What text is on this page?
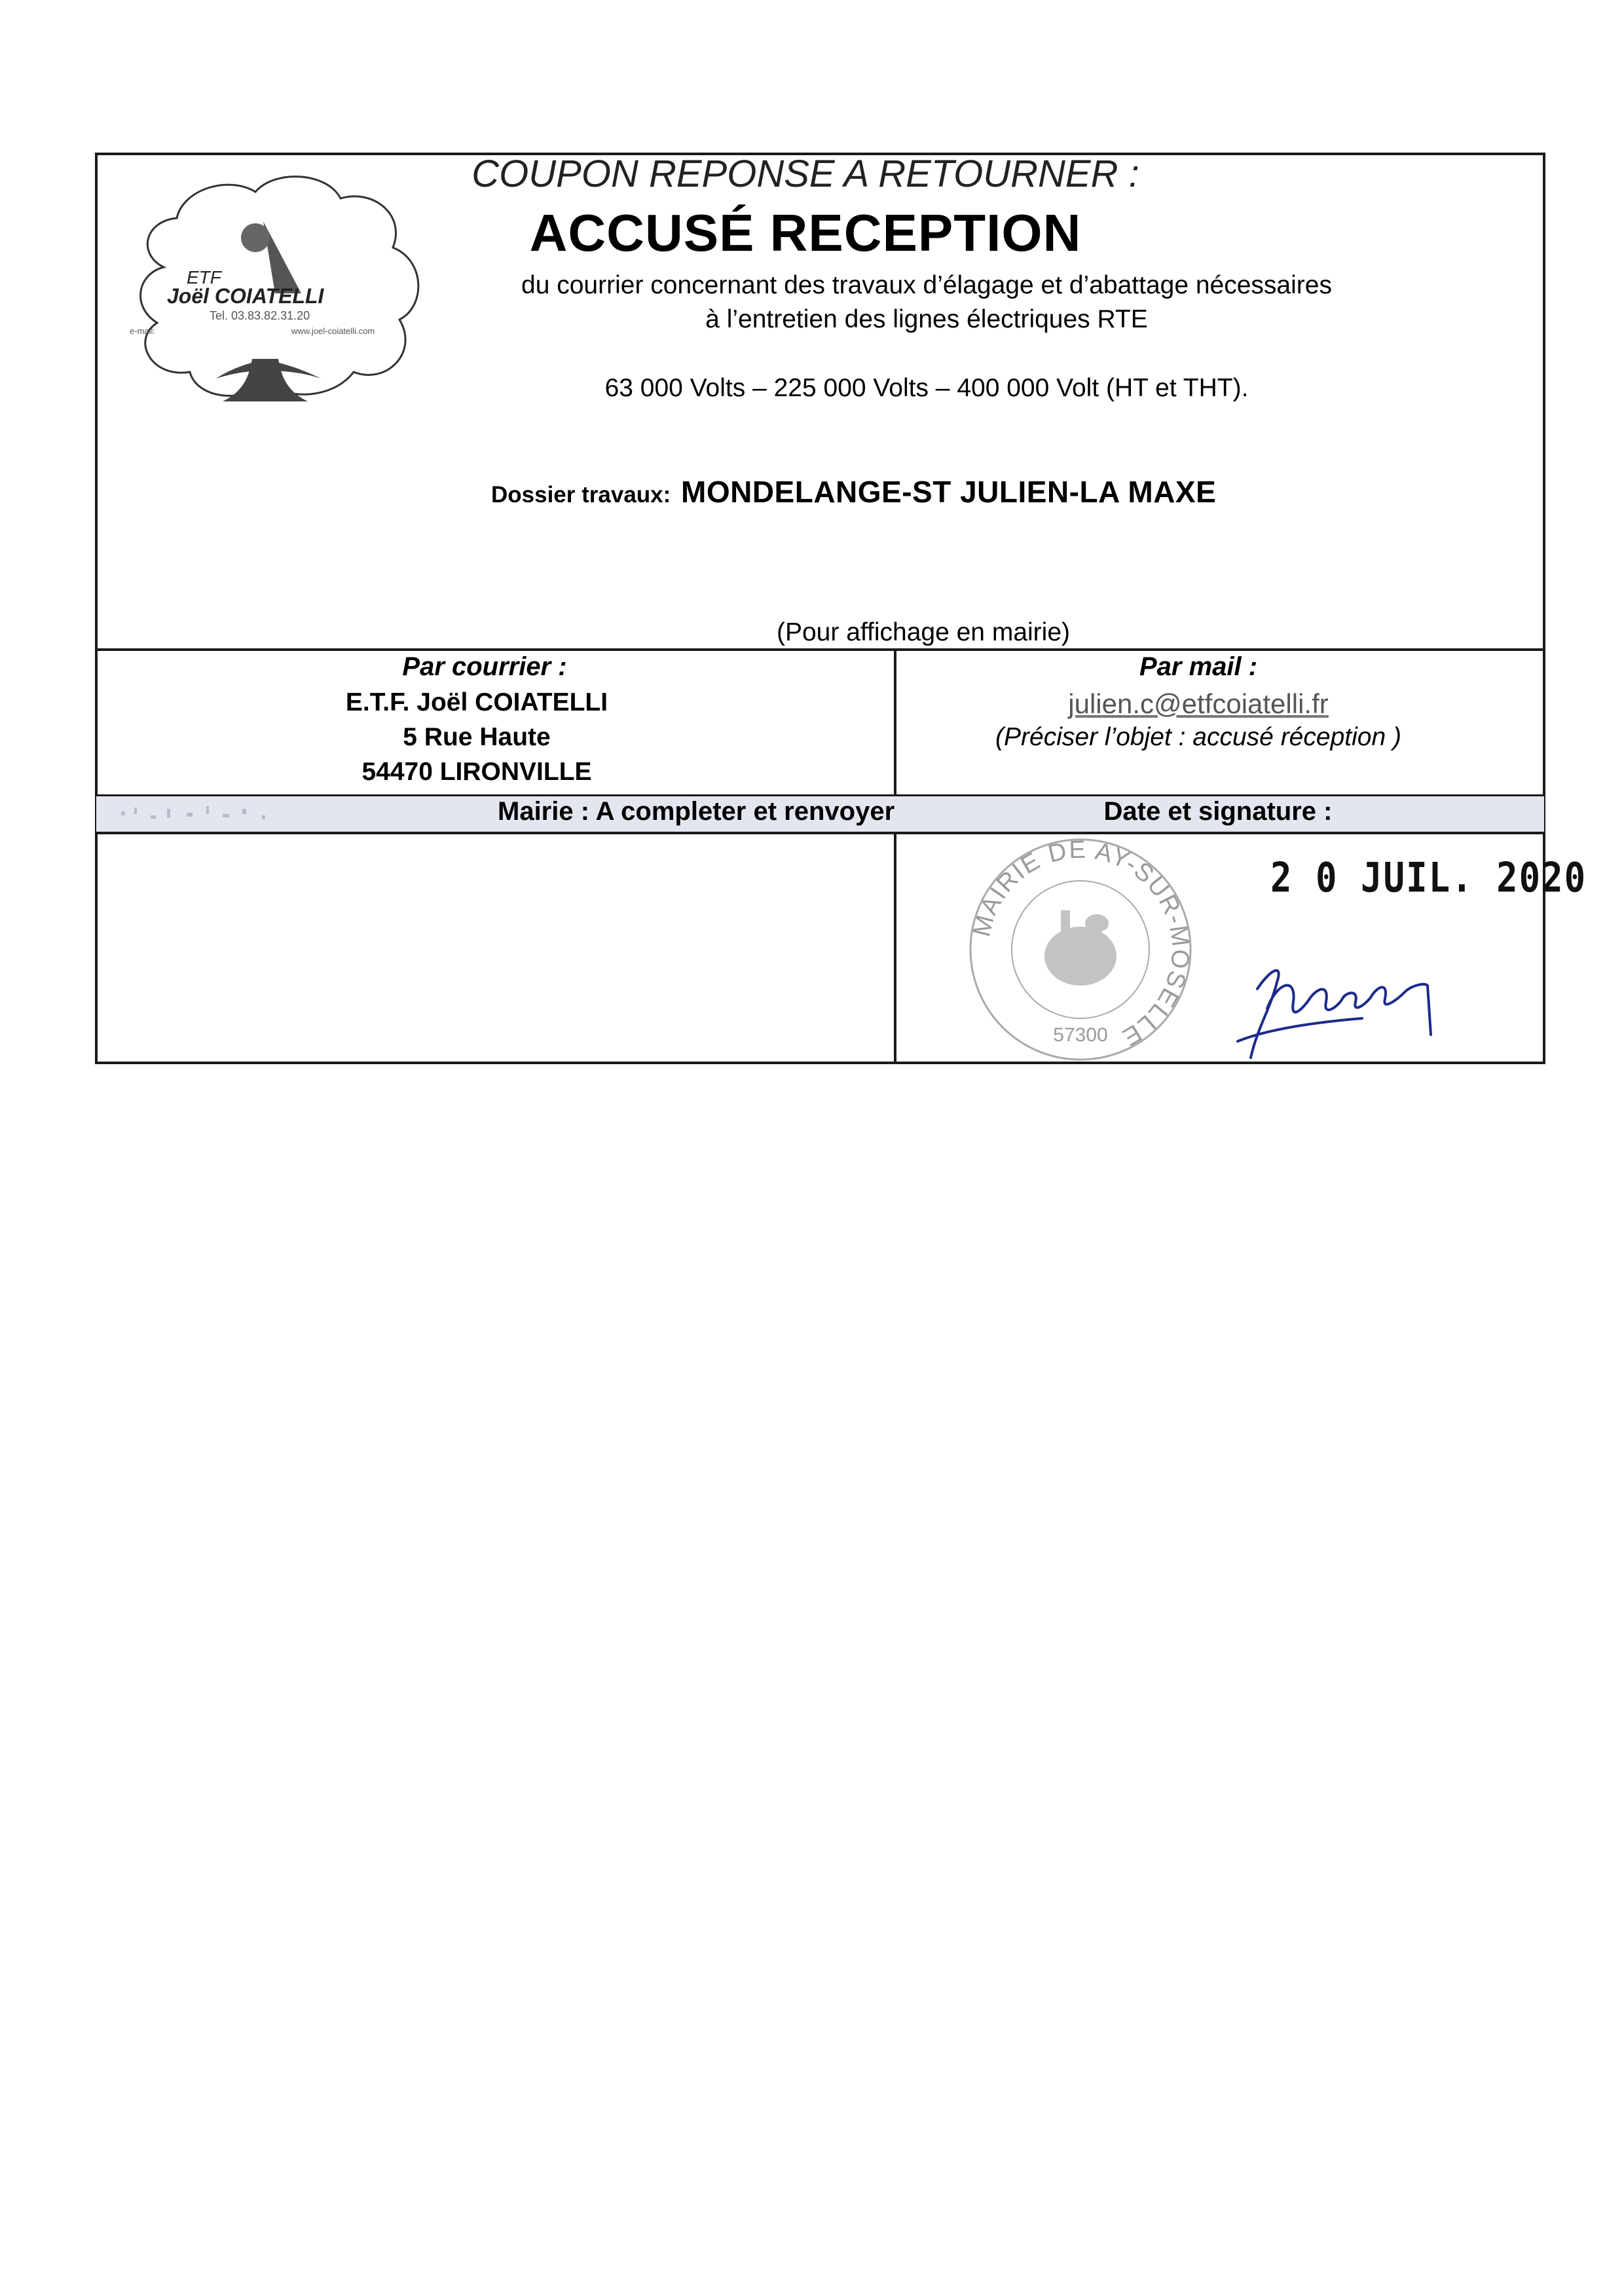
ETF
Joël COIATELLI
Tel. 03.83.82.31.20
e-mail:	www.joel-coiatelli.com
COUPON REPONSE A RETOURNER :
ACCUSÉ RECEPTION
du courrier concernant des travaux d’élagage et d’abattage nécessaires
à l’entretien des lignes électriques RTE
63 000 Volts – 225 000 Volts – 400 000 Volt (HT et THT).
Dossier travaux: MONDELANGE-ST JULIEN-LA MAXE
(Pour affichage en mairie)
Par courrier :
E.T.F. Joël COIATELLI
5 Rue Haute
54470 LIRONVILLE
Par mail :
julien.c@etfcoiatelli.fr
(Préciser l’objet : accusé réception )
Mairie : A completer et renvoyer	Date et signature :
MAIRIE DE AY-SUR-MOSELLE
57300
2 0 JUIL. 2020
